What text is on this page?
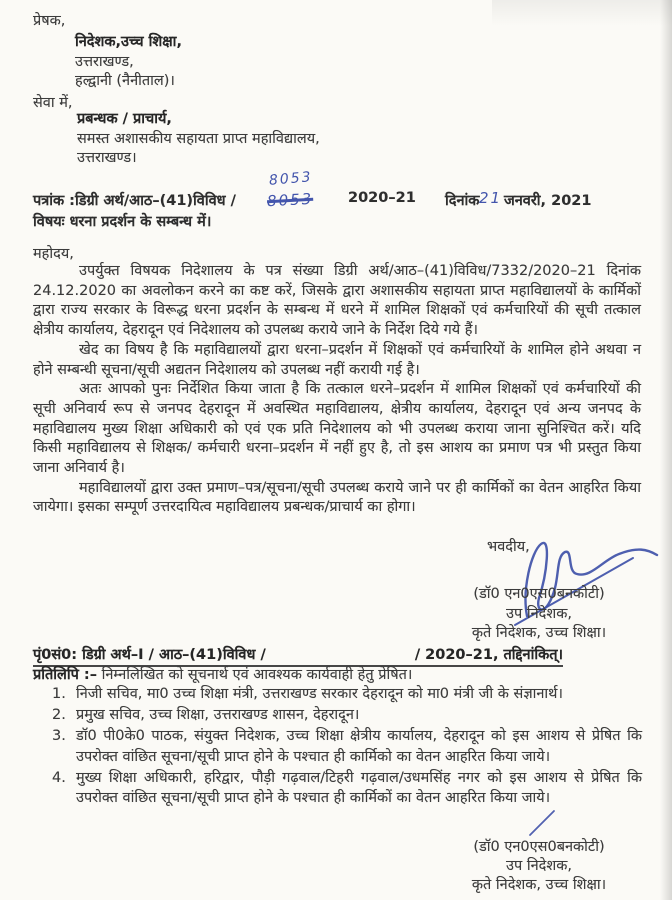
प्रेषक,
निदेशक,उच्च शिक्षा,
उत्तराखण्ड,
हल्द्वानी (नैनीताल)।
सेवा में,
प्रबन्धक / प्राचार्य,
समस्त अशासकीय सहायता प्राप्त महाविद्यालय,
उत्तराखण्ड।
पत्रांक :डिग्री अर्थ/आठ–(41)विविध /
8053
8053 2020–21 दिनांक 21 जनवरी, 2021
विषयः धरना प्रदर्शन के सम्बन्ध में।
महोदय,

उपर्युक्त विषयक निदेशालय के पत्र संख्या डिग्री अर्थ/आठ–(41)विविध/7332/2020–21 दिनांक 24.12.2020 का अवलोकन करने का कष्ट करें, जिसके द्वारा अशासकीय सहायता प्राप्त महाविद्यालयों के कार्मिकों द्वारा राज्य सरकार के विरूद्ध धरना प्रदर्शन के सम्बन्ध में धरने में शामिल शिक्षकों एवं कर्मचारियों की सूची तत्काल क्षेत्रीय कार्यालय, देहरादून एवं निदेशालय को उपलब्ध कराये जाने के निर्देश दिये गये हैं।

खेद का विषय है कि महाविद्यालयों द्वारा धरना–प्रदर्शन में शिक्षकों एवं कर्मचारियों के शामिल होने अथवा न होने सम्बन्धी सूचना/सूची अद्यतन निदेशालय को उपलब्ध नहीं करायी गई है।

अतः आपको पुनः निर्देशित किया जाता है कि तत्काल धरने–प्रदर्शन में शामिल शिक्षकों एवं कर्मचारियों की सूची अनिवार्य रूप से जनपद देहरादून में अवस्थित महाविद्यालय, क्षेत्रीय कार्यालय, देहरादून एवं अन्य जनपद के महाविद्यालय मुख्य शिक्षा अधिकारी को एवं एक प्रति निदेशालय को भी उपलब्ध कराया जाना सुनिश्चित करें। यदि किसी महाविद्यालय से शिक्षक/ कर्मचारी धरना–प्रदर्शन में नहीं हुए है, तो इस आशय का प्रमाण पत्र भी प्रस्तुत किया जाना अनिवार्य है।

महाविद्यालयों द्वारा उक्त प्रमाण–पत्र/सूचना/सूची उपलब्ध कराये जाने पर ही कार्मिकों का वेतन आहरित किया जायेगा। इसका सम्पूर्ण उत्तरदायित्व महाविद्यालय प्रबन्धक/प्राचार्य का होगा।

भवदीय,
(डॉ0 एन0एस0बनकोटी)
उप निदेशक,
कृते निदेशक, उच्च शिक्षा।
पृं0सं0: डिग्री अर्थ–I / आठ–(41)विविध /	/ 2020–21, तद्दिनांकित्।
प्रतिलिपि :– निम्नलिखित को सूचनार्थ एवं आवश्यक कार्यवाही हेतु प्रेषित।
1. निजी सचिव, मा0 उच्च शिक्षा मंत्री, उत्तराखण्ड सरकार देहरादून को मा0 मंत्री जी के संज्ञानार्थ।
2. प्रमुख सचिव, उच्च शिक्षा, उत्तराखण्ड शासन, देहरादून।
3. डॉ0 पी0के0 पाठक, संयुक्त निदेशक, उच्च शिक्षा क्षेत्रीय कार्यालय, देहरादून को इस आशय से प्रेषित कि उपरोक्त वांछित सूचना/सूची प्राप्त होने के पश्चात ही कार्मिको का वेतन आहरित किया जाये।
4. मुख्य शिक्षा अधिकारी, हरिद्वार, पौड़ी गढ़वाल/टिहरी गढ़वाल/उधमसिंह नगर को इस आशय से प्रेषित कि उपरोक्त वांछित सूचना/सूची प्राप्त होने के पश्चात ही कार्मिकों का वेतन आहरित किया जाये।
(डॉ0 एन0एस0बनकोटी)
उप निदेशक,
कृते निदेशक, उच्च शिक्षा।
